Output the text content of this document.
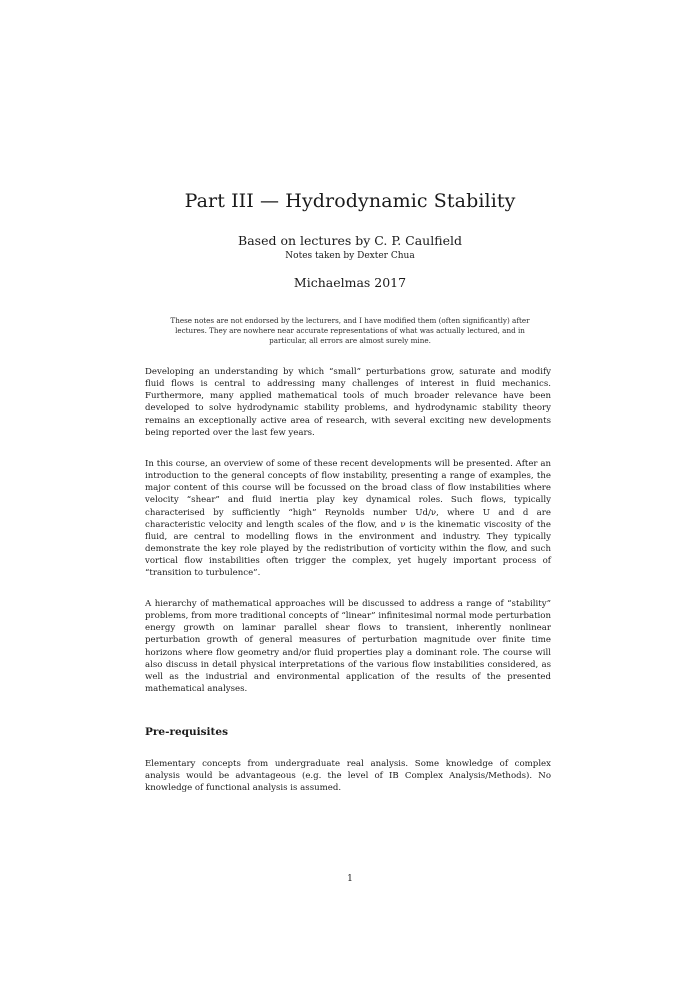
Part III — Hydrodynamic Stability
Based on lectures by C. P. Caulfield
Notes taken by Dexter Chua
Michaelmas 2017
These notes are not endorsed by the lecturers, and I have modified them (often significantly) after lectures. They are nowhere near accurate representations of what was actually lectured, and in particular, all errors are almost surely mine.

Developing an understanding by which “small” perturbations grow, saturate and modify fluid flows is central to addressing many challenges of interest in fluid mechanics. Furthermore, many applied mathematical tools of much broader relevance have been developed to solve hydrodynamic stability problems, and hydrodynamic stability theory remains an exceptionally active area of research, with several exciting new developments being reported over the last few years.

In this course, an overview of some of these recent developments will be presented. After an introduction to the general concepts of flow instability, presenting a range of examples, the major content of this course will be focussed on the broad class of flow instabilities where velocity “shear” and fluid inertia play key dynamical roles. Such flows, typically characterised by sufficiently “high” Reynolds number Ud/ν, where U and d are characteristic velocity and length scales of the flow, and ν is the kinematic viscosity of the fluid, are central to modelling flows in the environment and industry. They typically demonstrate the key role played by the redistribution of vorticity within the flow, and such vortical flow instabilities often trigger the complex, yet hugely important process of “transition to turbulence”.

A hierarchy of mathematical approaches will be discussed to address a range of “stability” problems, from more traditional concepts of “linear” infinitesimal normal mode perturbation energy growth on laminar parallel shear flows to transient, inherently nonlinear perturbation growth of general measures of perturbation magnitude over finite time horizons where flow geometry and/or fluid properties play a dominant role. The course will also discuss in detail physical interpretations of the various flow instabilities considered, as well as the industrial and environmental application of the results of the presented mathematical analyses.

Pre-requisites

Elementary concepts from undergraduate real analysis. Some knowledge of complex analysis would be advantageous (e.g. the level of IB Complex Analysis/Methods). No knowledge of functional analysis is assumed.

1
